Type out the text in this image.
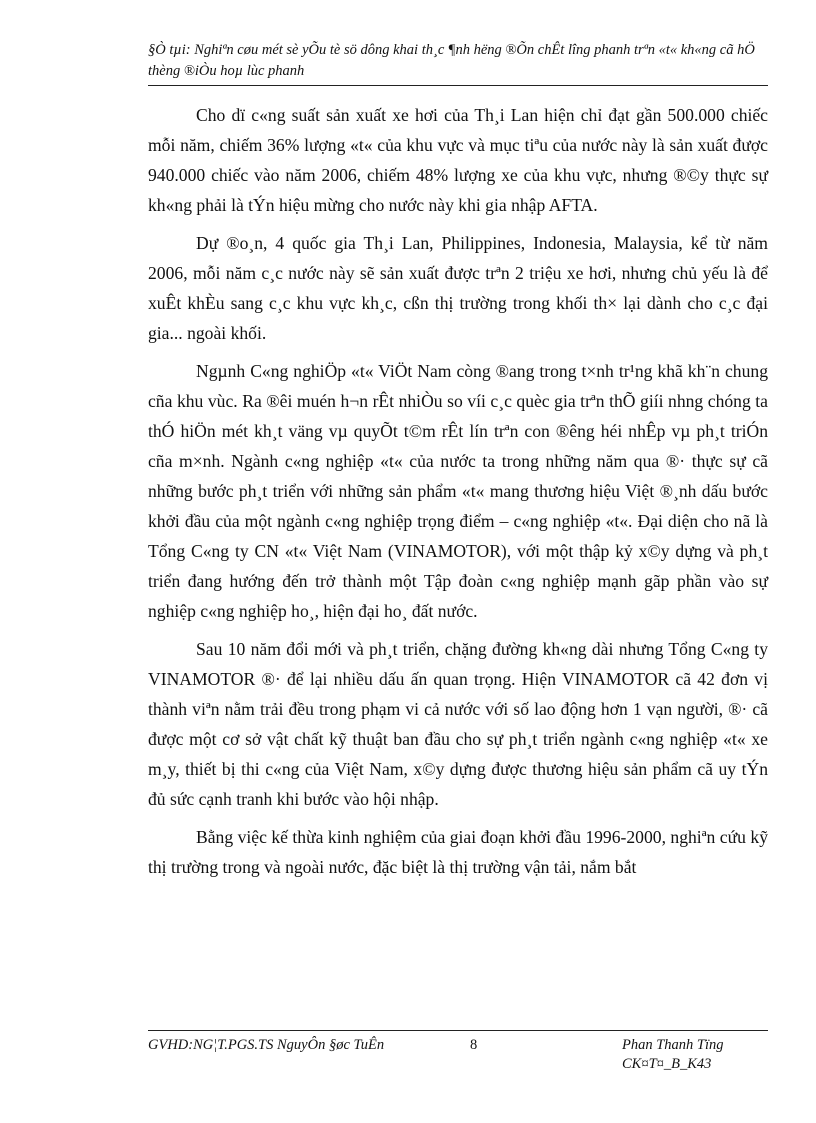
§Ò tµi: Nghiªn cøu mét sè yÕu tè sö dông khai th¸c ¶nh hëng ®Õn chÊt lîng phanh trªn «t« kh«ng cã hÖ thèng ®iÒu hoµ lùc phanh

Cho dï c«ng suất sản xuất xe hơi của Th¸i Lan hiện chỉ đạt gần 500.000 chiếc mỗi năm, chiếm 36% lượng «t« của khu vực và mục tiªu của nước này là sản xuất được 940.000 chiếc vào năm 2006, chiếm 48% lượng xe của khu vực, nhưng ®©y thực sự kh«ng phải là tÝn hiệu mừng cho nước này khi gia nhập AFTA.

Dự ®o¸n, 4 quốc gia Th¸i Lan, Philippines, Indonesia, Malaysia, kể từ năm 2006, mỗi năm c¸c nước này sẽ sản xuất được trªn 2 triệu xe hơi, nhưng chủ yếu là để xuÊt khÈu sang c¸c khu vực kh¸c, cßn thị trường trong khối th× lại dành cho c¸c đại gia... ngoài khối.

Ngµnh C«ng nghiÖp «t« ViÖt Nam còng ®ang trong t×nh tr¹ng khã kh¨n chung cña khu vùc. Ra ®êi muén h¬n rÊt nhiÒu so víi c¸c quèc gia trªn thÕ giíi nhng chóng ta thÓ hiÖn mét kh¸t väng vµ quyÕt t©m rÊt lín trªn con ®êng héi nhÊp vµ ph¸t triÓn cña m×nh. Ngành c«ng nghiệp «t« của nước ta trong những năm qua ®· thực sự cã những bước ph¸t triển với những sản phẩm «t« mang thương hiệu Việt ®¸nh dấu bước khởi đầu của một ngành c«ng nghiệp trọng điểm – c«ng nghiệp «t«. Đại diện cho nã là Tổng C«ng ty CN «t« Việt Nam (VINAMOTOR), với một thập kỷ x©y dựng và ph¸t triển đang hướng đến trở thành một Tập đoàn c«ng nghiệp mạnh gãp phần vào sự nghiệp c«ng nghiệp ho¸, hiện đại ho¸ đất nước.

Sau 10 năm đổi mới và ph¸t triển, chặng đường kh«ng dài nhưng Tổng C«ng ty VINAMOTOR ®· để lại nhiều dấu ấn quan trọng. Hiện VINAMOTOR cã 42 đơn vị thành viªn nằm trải đều trong phạm vi cả nước với số lao động hơn 1 vạn người, ®· cã được một cơ sở vật chất kỹ thuật ban đầu cho sự ph¸t triển ngành c«ng nghiệp «t« xe m¸y, thiết bị thi c«ng của Việt Nam, x©y dựng được thương hiệu sản phẩm cã uy tÝn đủ sức cạnh tranh khi bước vào hội nhập.

Bằng việc kế thừa kinh nghiệm của giai đoạn khởi đầu 1996-2000, nghiªn cứu kỹ thị trường trong và ngoài nước, đặc biệt là thị trường vận tải, nắm bắt

GVHD:NG¦T.PGS.TS NguyÔn §øc TuÊn	8	Phan Thanh Tïng
CK¤T¤_B_K43
